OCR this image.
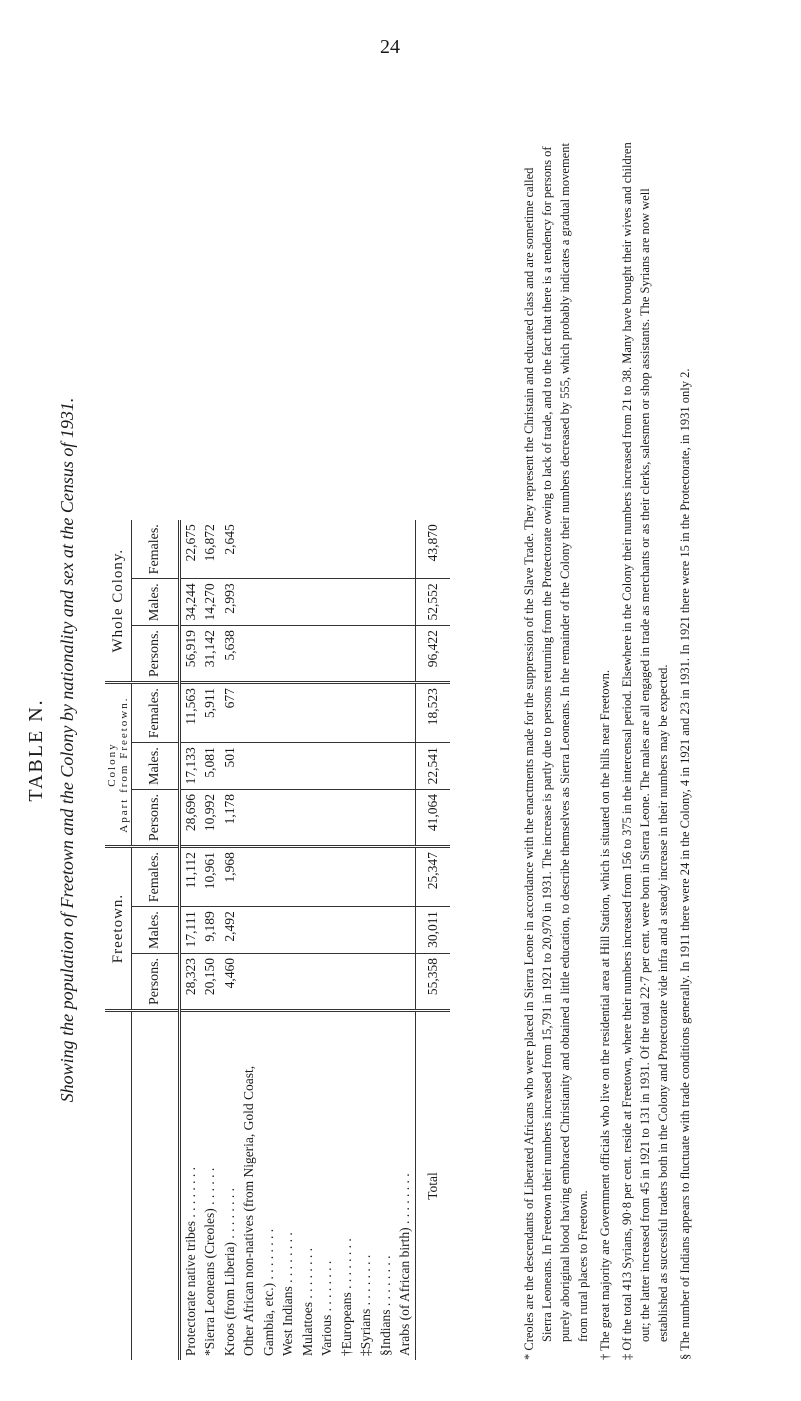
24
TABLE N. Showing the population of Freetown and the Colony by nationality and sex at the Census of 1931.
	Freetown.			Colony Apart from Freetown.			Whole Colony.		
	Persons.	Males.	Females.	Persons.	Males.	Females.	Persons.	Males.	Females.
Protectorate native tribes . . . . . . . .	28,323	17,111	11,112	28,696	17,133	11,563	56,919	34,244	22,675
*Sierra Leoneans (Creoles) . . . . . .	20,150	9,189	10,961	10,992	5,081	5,911	31,142	14,270	16,872
Kroos (from Liberia) . . . . . . . .	4,460	2,492	1,968	1,178	501	677	5,638	2,993	2,645
Other African non-natives (from Nigeria, Gold Coast,									
Gambia, etc.) . . . . . . . .									
West Indians . . . . . . . .									
Mulattoes . . . . . . . .									
Various . . . . . . . .									
†Europeans . . . . . . . .									
‡Syrians . . . . . . . .									
§Indians . . . . . . . .									
Arabs (of African birth) . . . . . . . .									
Total	55,358	30,011	25,347	41,064	22,541	18,523	96,422	52,552	43,870	* Creoles are the descendants of Liberated Africans who were placed in Sierra Leone in accordance with the enactments made for the suppression of the Slave Trade. They represent the Christain and educated class and are sometime called Sierra Leoneans. In Freetown their numbers increased from 15,791 in 1921 to 20,970 in 1931. The increase is partly due to persons returning from the Protectorate owing to lack of trade, and to the fact that there is a tendency for persons of purely aboriginal blood having embraced Christianity and obtained a little education, to describe themselves as Sierra Leoneans. In the remainder of the Colony their numbers decreased by 555, which probably indicates a gradual movement from rural places to Freetown. † The great majority are Government officials who live on the residential area at Hill Station, which is situated on the hills near Freetown. ‡ Of the total 413 Syrians, 90·8 per cent. reside at Freetown, where their numbers increased from 156 to 375 in the intercensal period. Elsewhere in the Colony their numbers increased from 21 to 38. Many have brought their wives and children out; the latter increased from 45 in 1921 to 131 in 1931. Of the total 22·7 per cent. were born in Sierra Leone. The males are all engaged in trade as merchants or as their clerks, salesmen or shop assistants. The Syrians are now well established as successful traders both in the Colony and Protectorate vide infra and a steady increase in their numbers may be expected. § The number of Indians appears to fluctuate with trade conditions generally. In 1911 there were 24 in the Colony, 4 in 1921 and 23 in 1931. In 1921 there were 15 in the Protectorate, in 1931 only 2.
